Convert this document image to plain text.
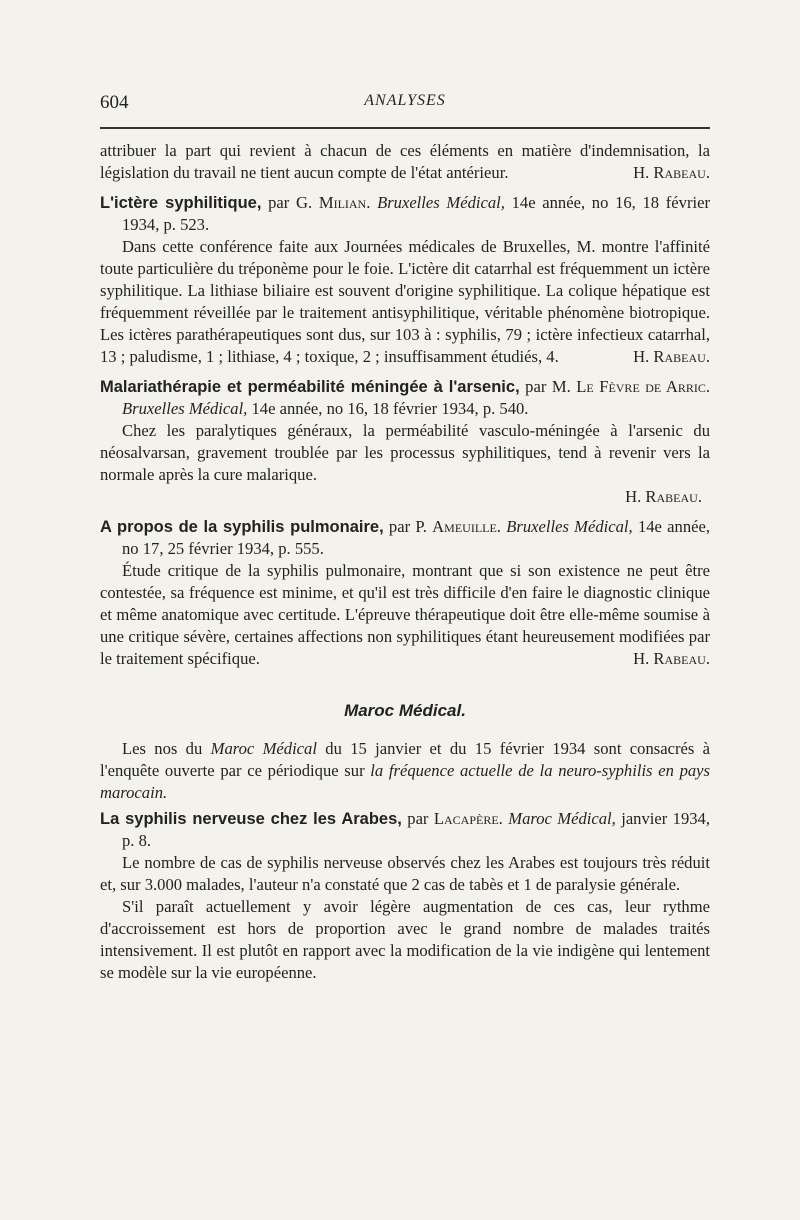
604	ANALYSES
attribuer la part qui revient à chacun de ces éléments en matière d'indemnisation, la législation du travail ne tient aucun compte de l'état antérieur.	H. Rabeau.
L'ictère syphilitique, par G. Milian. Bruxelles Médical, 14e année, no 16, 18 février 1934, p. 523.
Dans cette conférence faite aux Journées médicales de Bruxelles, M. montre l'affinité toute particulière du tréponème pour le foie. L'ictère dit catarrhal est fréquemment un ictère syphilitique. La lithiase biliaire est souvent d'origine syphilitique. La colique hépatique est fréquemment réveillée par le traitement antisyphilitique, véritable phénomène biotropique. Les ictères parathérapeutiques sont dus, sur 103 à : syphilis, 79 ; ictère infectieux catarrhal, 13 ; paludisme, 1 ; lithiase, 4 ; toxique, 2 ; insuffisamment étudiés, 4.	H. Rabeau.
Malariathérapie et perméabilité méningée à l'arsenic, par M. Le Fèvre de Arric. Bruxelles Médical, 14e année, no 16, 18 février 1934, p. 540.
Chez les paralytiques généraux, la perméabilité vasculo-méningée à l'arsenic du néosalvarsan, gravement troublée par les processus syphilitiques, tend à revenir vers la normale après la cure malarique.
H. Rabeau.
A propos de la syphilis pulmonaire, par P. Ameuille. Bruxelles Médical, 14e année, no 17, 25 février 1934, p. 555.
Étude critique de la syphilis pulmonaire, montrant que si son existence ne peut être contestée, sa fréquence est minime, et qu'il est très difficile d'en faire le diagnostic clinique et même anatomique avec certitude. L'épreuve thérapeutique doit être elle-même soumise à une critique sévère, certaines affections non syphilitiques étant heureusement modifiées par le traitement spécifique.	H. Rabeau.
Maroc Médical.
Les nos du Maroc Médical du 15 janvier et du 15 février 1934 sont consacrés à l'enquête ouverte par ce périodique sur la fréquence actuelle de la neuro-syphilis en pays marocain.
La syphilis nerveuse chez les Arabes, par Lacapère. Maroc Médical, janvier 1934, p. 8.
Le nombre de cas de syphilis nerveuse observés chez les Arabes est toujours très réduit et, sur 3.000 malades, l'auteur n'a constaté que 2 cas de tabès et 1 de paralysie générale.
S'il paraît actuellement y avoir légère augmentation de ces cas, leur rythme d'accroissement est hors de proportion avec le grand nombre de malades traités intensivement. Il est plutôt en rapport avec la modification de la vie indigène qui lentement se modèle sur la vie européenne.
